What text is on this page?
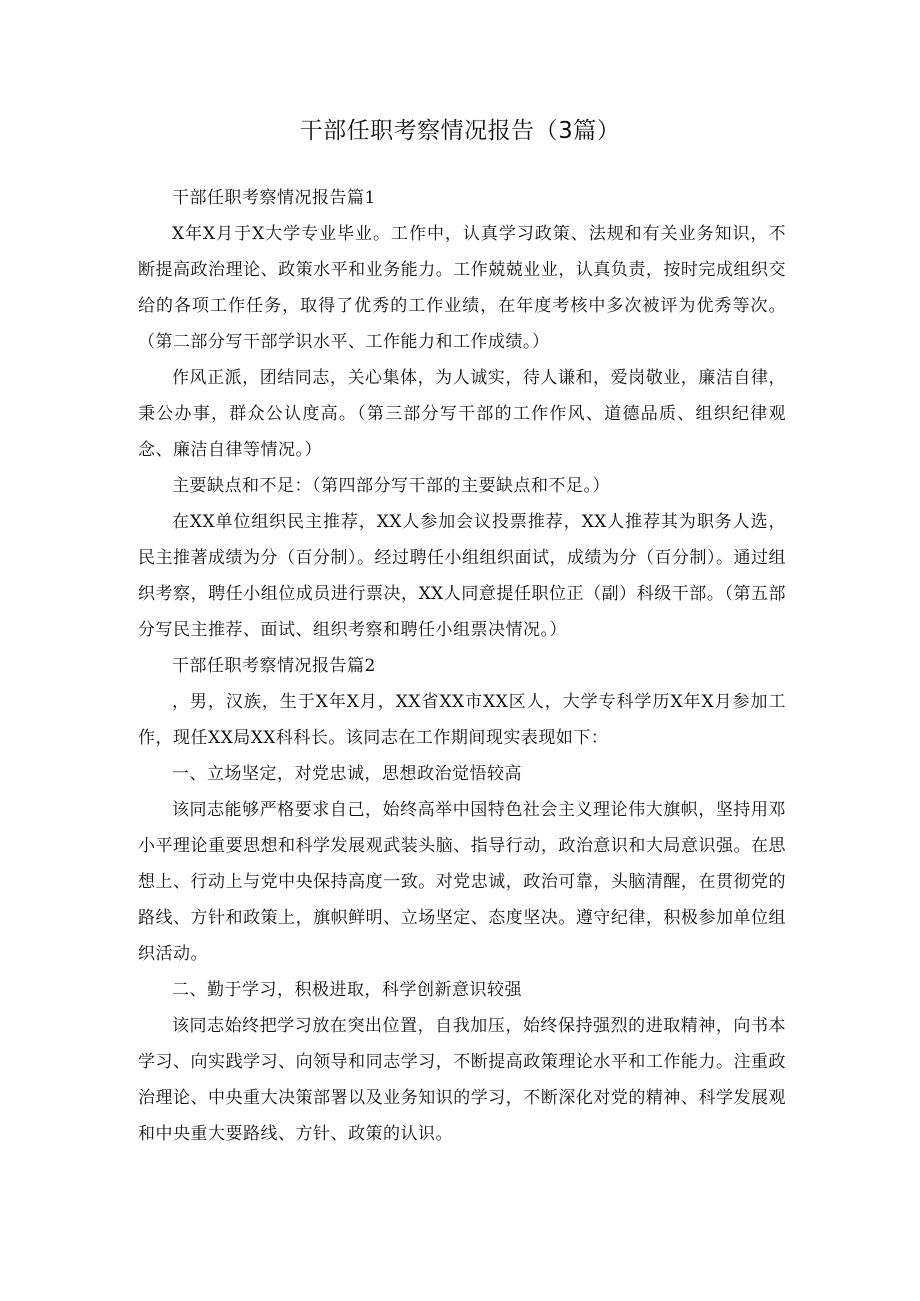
干部任职考察情况报告（3篇）

干部任职考察情况报告篇1

X年X月于X大学专业毕业。工作中，认真学习政策、法规和有关业务知识，不断提高政治理论、政策水平和业务能力。工作兢兢业业，认真负责，按时完成组织交给的各项工作任务，取得了优秀的工作业绩，在年度考核中多次被评为优秀等次。（第二部分写干部学识水平、工作能力和工作成绩。）

作风正派，团结同志，关心集体，为人诚实，待人谦和，爱岗敬业，廉洁自律，秉公办事，群众公认度高。（第三部分写干部的工作作风、道德品质、组织纪律观念、廉洁自律等情况。）

主要缺点和不足：（第四部分写干部的主要缺点和不足。）

在XX单位组织民主推荐，XX人参加会议投票推荐，XX人推荐其为职务人选，民主推著成绩为分（百分制）。经过聘任小组组织面试，成绩为分（百分制）。通过组织考察，聘任小组位成员进行票决，XX人同意提任职位正（副）科级干部。（第五部分写民主推荐、面试、组织考察和聘任小组票决情况。）

干部任职考察情况报告篇2

，男，汉族，生于X年X月，XX省XX市XX区人，大学专科学历X年X月参加工作，现任XX局XX科科长。该同志在工作期间现实表现如下：

一、立场坚定，对党忠诚，思想政治觉悟较高

该同志能够严格要求自己，始终高举中国特色社会主义理论伟大旗帜，坚持用邓小平理论重要思想和科学发展观武装头脑、指导行动，政治意识和大局意识强。在思想上、行动上与党中央保持高度一致。对党忠诚，政治可靠，头脑清醒，在贯彻党的路线、方针和政策上，旗帜鲜明、立场坚定、态度坚决。遵守纪律，积极参加单位组织活动。

二、勤于学习，积极进取，科学创新意识较强

该同志始终把学习放在突出位置，自我加压，始终保持强烈的进取精神，向书本学习、向实践学习、向领导和同志学习，不断提高政策理论水平和工作能力。注重政治理论、中央重大决策部署以及业务知识的学习，不断深化对党的精神、科学发展观和中央重大要路线、方针、政策的认识。
